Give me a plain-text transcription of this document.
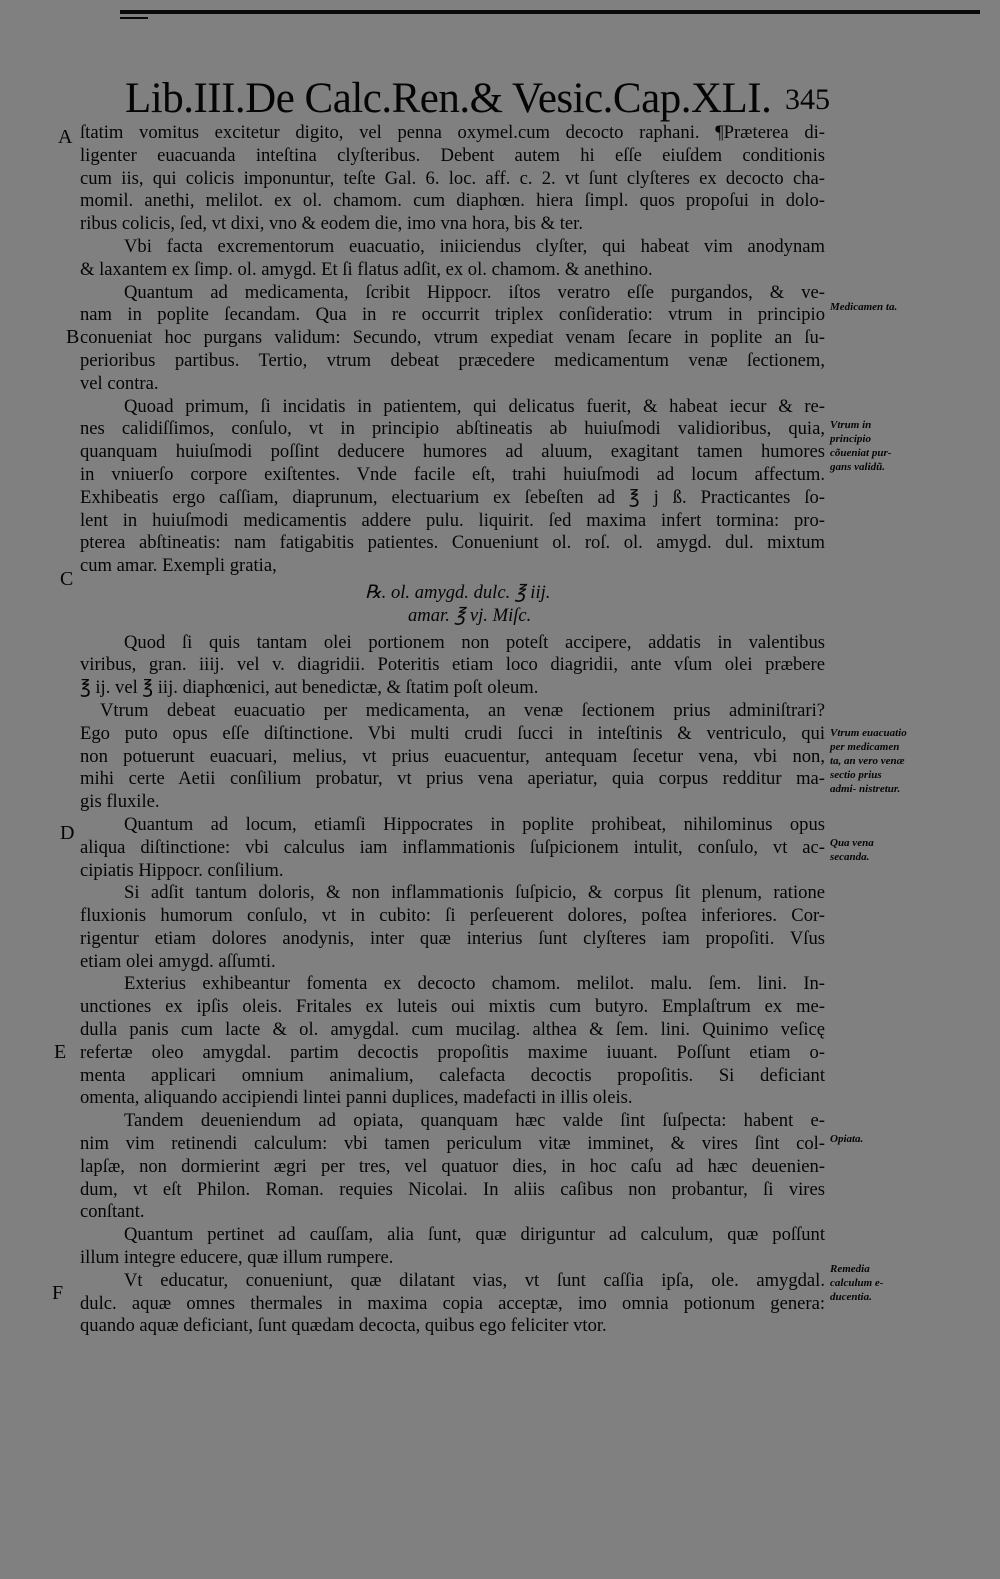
Lib.III.De Calc.Ren.& Vesic.Cap.XLI. 345
A
B
C
D
E
F
Medicamen ta.
Vtrum in principio cõueniat pur- gans validũ.
Vtrum euacuatio per medicamen ta, an vero venæ sectio prius admi- nistretur.
Qua vena secanda.
Opiata.
Remedia calculum e- ducentia.
ſtatim vomitus excitetur digito, vel penna oxymel.cum decocto raphani. ¶Præterea di-
ligenter euacuanda inteſtina clyſteribus. Debent autem hi eſſe eiuſdem conditionis
cum iis, qui colicis imponuntur, teſte Gal. 6. loc. aff. c. 2. vt ſunt clyſteres ex decocto cha-
momil. anethi, melilot. ex ol. chamom. cum diaphœn. hiera ſimpl. quos propoſui in dolo-
ribus colicis, ſed, vt dixi, vno & eodem die, imo vna hora, bis & ter.
Vbi facta excrementorum euacuatio, iniiciendus clyſter, qui habeat vim anodynam
& laxantem ex ſimp. ol. amygd. Et ſi flatus adſit, ex ol. chamom. & anethino.
Quantum ad medicamenta, ſcribit Hippocr. iſtos veratro eſſe purgandos, & ve-
nam in poplite ſecandam. Qua in re occurrit triplex conſideratio: vtrum in principio
conueniat hoc purgans validum: Secundo, vtrum expediat venam ſecare in poplite an ſu-
perioribus partibus. Tertio, vtrum debeat præcedere medicamentum venæ ſectionem,
vel contra.
Quoad primum, ſi incidatis in patientem, qui delicatus fuerit, & habeat iecur & re-
nes calidiſſimos, conſulo, vt in principio abſtineatis ab huiuſmodi validioribus, quia,
quanquam huiuſmodi poſſint deducere humores ad aluum, exagitant tamen humores
in vniuerſo corpore exiſtentes. Vnde facile eſt, trahi huiuſmodi ad locum affectum.
Exhibeatis ergo caſſiam, diaprunum, electuarium ex ſebeſten ad ℥ j ß. Practicantes ſo-
lent in huiuſmodi medicamentis addere pulu. liquirit. ſed maxima infert tormina: pro-
pterea abſtineatis: nam fatigabitis patientes. Conueniunt ol. roſ. ol. amygd. dul. mixtum
cum amar. Exempli gratia,
℞. ol. amygd. dulc. ℥ iij.
amar. ℥ vj. Miſc.
Quod ſi quis tantam olei portionem non poteſt accipere, addatis in valentibus
viribus, gran. iiij. vel v. diagridii. Poteritis etiam loco diagridii, ante vſum olei præbere
℥ ij. vel ℥ iij. diaphœnici, aut benedictæ, & ſtatim poſt oleum.
Vtrum debeat euacuatio per medicamenta, an venæ ſectionem prius adminiſtrari?
Ego puto opus eſſe diſtinctione. Vbi multi crudi ſucci in inteſtinis & ventriculo, qui
non potuerunt euacuari, melius, vt prius euacuentur, antequam ſecetur vena, vbi non,
mihi certe Aetii conſilium probatur, vt prius vena aperiatur, quia corpus redditur ma-
gis fluxile.
Quantum ad locum, etiamſi Hippocrates in poplite prohibeat, nihilominus opus
aliqua diſtinctione: vbi calculus iam inflammationis ſuſpicionem intulit, conſulo, vt ac-
cipiatis Hippocr. conſilium.
Si adſit tantum doloris, & non inflammationis ſuſpicio, & corpus ſit plenum, ratione
fluxionis humorum conſulo, vt in cubito: ſi perſeuerent dolores, poſtea inferiores. Cor-
rigentur etiam dolores anodynis, inter quæ interius ſunt clyſteres iam propoſiti. Vſus
etiam olei amygd. aſſumti.
Exterius exhibeantur fomenta ex decocto chamom. melilot. malu. ſem. lini. In-
unctiones ex ipſis oleis. Fritales ex luteis oui mixtis cum butyro. Emplaſtrum ex me-
dulla panis cum lacte & ol. amygdal. cum mucilag. althea & ſem. lini. Quinimo veſicę
refertæ oleo amygdal. partim decoctis propoſitis maxime iuuant. Poſſunt etiam o-
menta applicari omnium animalium, calefacta decoctis propoſitis. Si deficiant
omenta, aliquando accipiendi lintei panni duplices, madefacti in illis oleis.
Tandem deueniendum ad opiata, quanquam hæc valde ſint ſuſpecta: habent e-
nim vim retinendi calculum: vbi tamen periculum vitæ imminet, & vires ſint col-
lapſæ, non dormierint ægri per tres, vel quatuor dies, in hoc caſu ad hæc deuenien-
dum, vt eſt Philon. Roman. requies Nicolai. In aliis caſibus non probantur, ſi vires
conſtant.
Quantum pertinet ad cauſſam, alia ſunt, quæ diriguntur ad calculum, quæ poſſunt
illum integre educere, quæ illum rumpere.
Vt educatur, conueniunt, quæ dilatant vias, vt ſunt caſſia ipſa, ole. amygdal.
dulc. aquæ omnes thermales in maxima copia acceptæ, imo omnia potionum genera:
quando aquæ deficiant, ſunt quædam decocta, quibus ego feliciter vtor.
